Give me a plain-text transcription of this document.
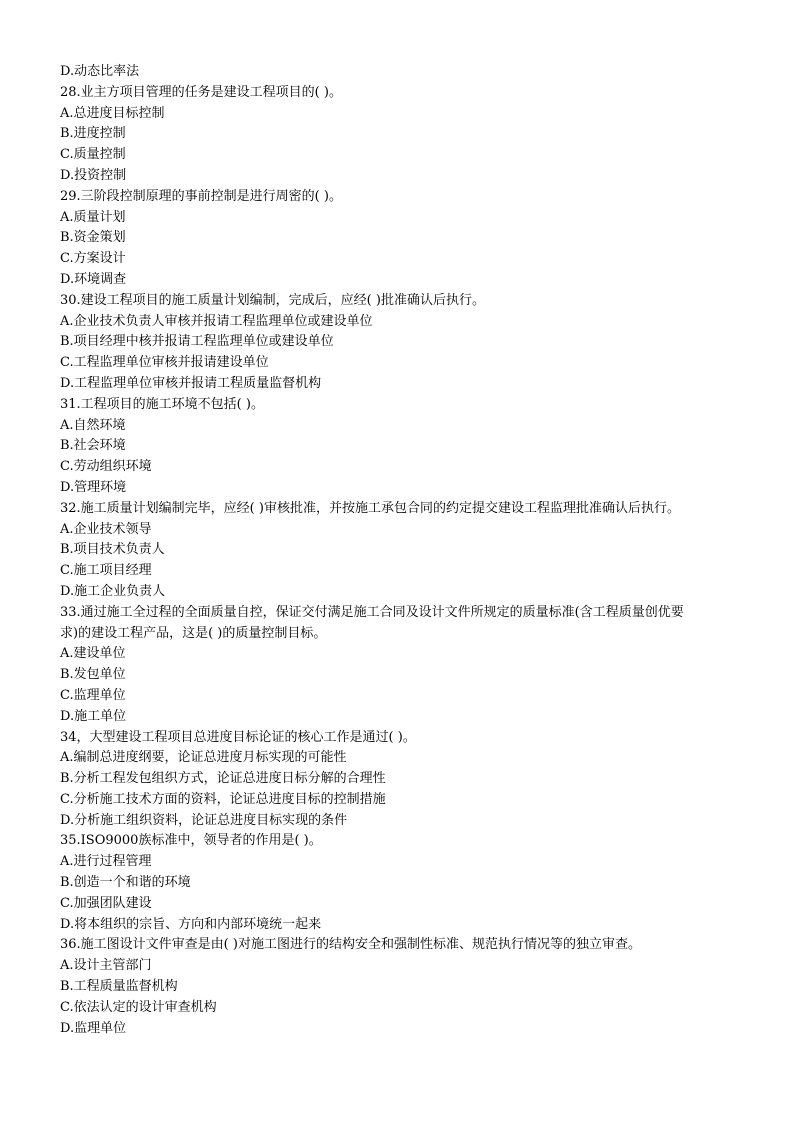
D.动态比率法
28.业主方项目管理的任务是建设工程项目的( )。
A.总进度目标控制
B.进度控制
C.质量控制
D.投资控制
29.三阶段控制原理的事前控制是进行周密的( )。
A.质量计划
B.资金策划
C.方案设计
D.环境调查
30.建设工程项目的施工质量计划编制，完成后，应经( )批准确认后执行。
A.企业技术负责人审核并报请工程监理单位或建设单位
B.项目经理中核并报请工程监理单位或建设单位
C.工程监理单位审核并报请建设单位
D.工程监理单位审核并报请工程质量监督机构
31.工程项目的施工环境不包括( )。
A.自然环境
B.社会环境
C.劳动组织环境
D.管理环境
32.施工质量计划编制完毕，应经( )审核批准，并按施工承包合同的约定提交建设工程监理批准确认后执行。
A.企业技术领导
B.项目技术负责人
C.施工项目经理
D.施工企业负责人
33.通过施工全过程的全面质量自控，保证交付满足施工合同及设计文件所规定的质量标准(含工程质量创优要
求)的建设工程产品，这是( )的质量控制目标。
A.建设单位
B.发包单位
C.监理单位
D.施工单位
34，大型建设工程项目总进度目标论证的核心工作是通过( )。
A.编制总进度纲要，论证总进度月标实现的可能性
B.分析工程发包组织方式，论证总进度日标分解的合理性
C.分析施工技术方面的资料，论证总进度目标的控制措施
D.分析施工组织资料，论证总进度目标实现的条件
35.ISO9000族标准中，领导者的作用是( )。
A.进行过程管理
B.创造一个和谐的环境
C.加强团队建设
D.将本组织的宗旨、方向和内部环境统一起来
36.施工图设计文件审查是由( )对施工图进行的结构安全和强制性标准、规范执行情况等的独立审查。
A.设计主管部门
B.工程质量监督机构
C.依法认定的设计审查机构
D.监理单位
